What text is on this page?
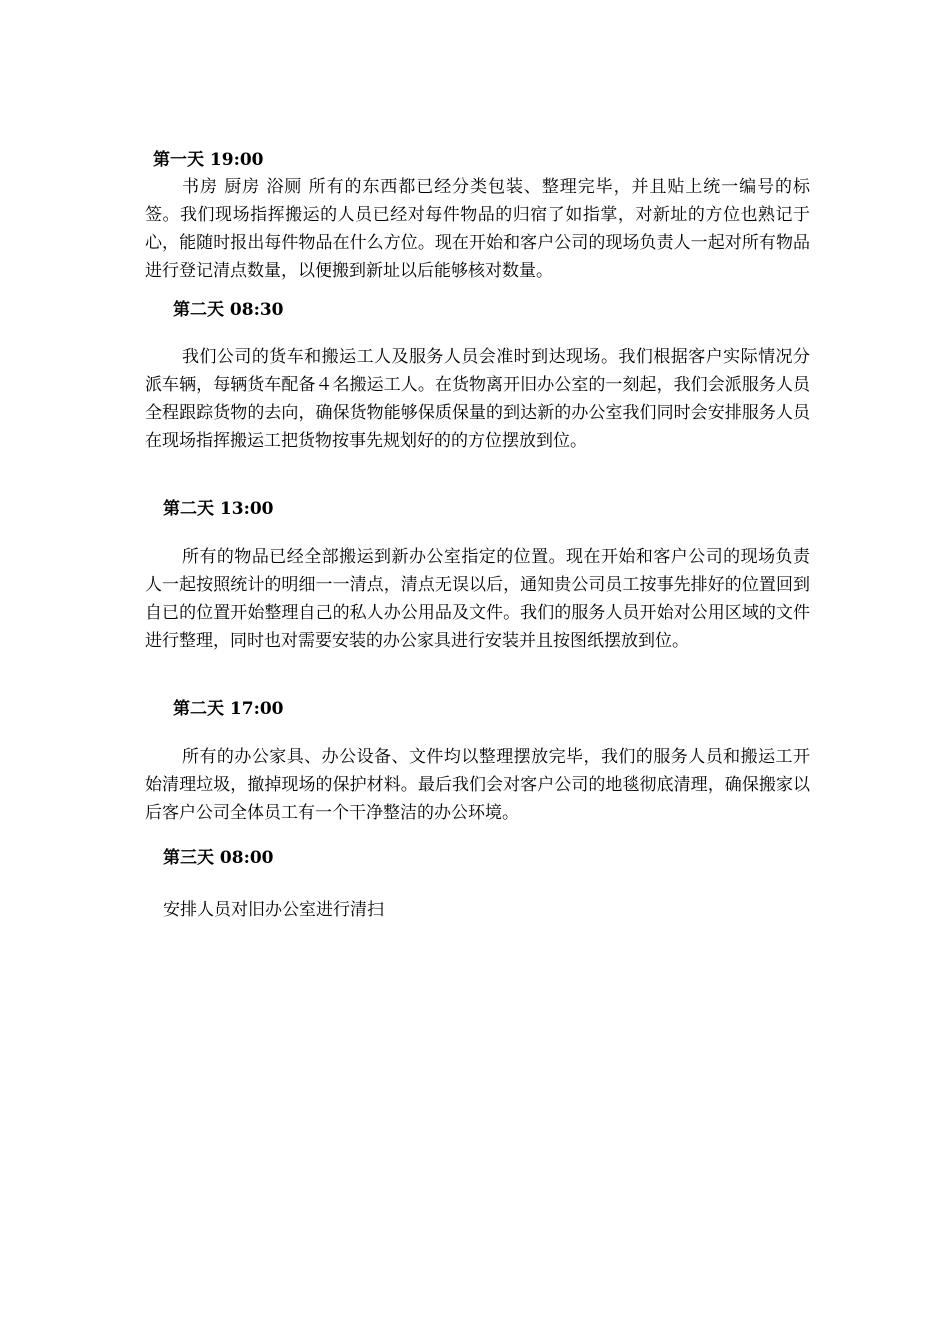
第一天 19:00
书房 厨房 浴厕 所有的东西都已经分类包装、整理完毕，并且贴上统一编号的标签。我们现场指挥搬运的人员已经对每件物品的归宿了如指掌，对新址的方位也熟记于心，能随时报出每件物品在什么方位。现在开始和客户公司的现场负责人一起对所有物品进行登记清点数量，以便搬到新址以后能够核对数量。
第二天 08:30
我们公司的货车和搬运工人及服务人员会准时到达现场。我们根据客户实际情况分派车辆，每辆货车配备４名搬运工人。在货物离开旧办公室的一刻起，我们会派服务人员全程跟踪货物的去向，确保货物能够保质保量的到达新的办公室我们同时会安排服务人员在现场指挥搬运工把货物按事先规划好的的方位摆放到位。
第二天 13:00
所有的物品已经全部搬运到新办公室指定的位置。现在开始和客户公司的现场负责人一起按照统计的明细一一清点，清点无误以后，通知贵公司员工按事先排好的位置回到自已的位置开始整理自己的私人办公用品及文件。我们的服务人员开始对公用区域的文件进行整理，同时也对需要安装的办公家具进行安装并且按图纸摆放到位。
第二天 17:00
所有的办公家具、办公设备、文件均以整理摆放完毕，我们的服务人员和搬运工开始清理垃圾，撤掉现场的保护材料。最后我们会对客户公司的地毯彻底清理，确保搬家以后客户公司全体员工有一个干净整洁的办公环境。
第三天 08:00
安排人员对旧办公室进行清扫
